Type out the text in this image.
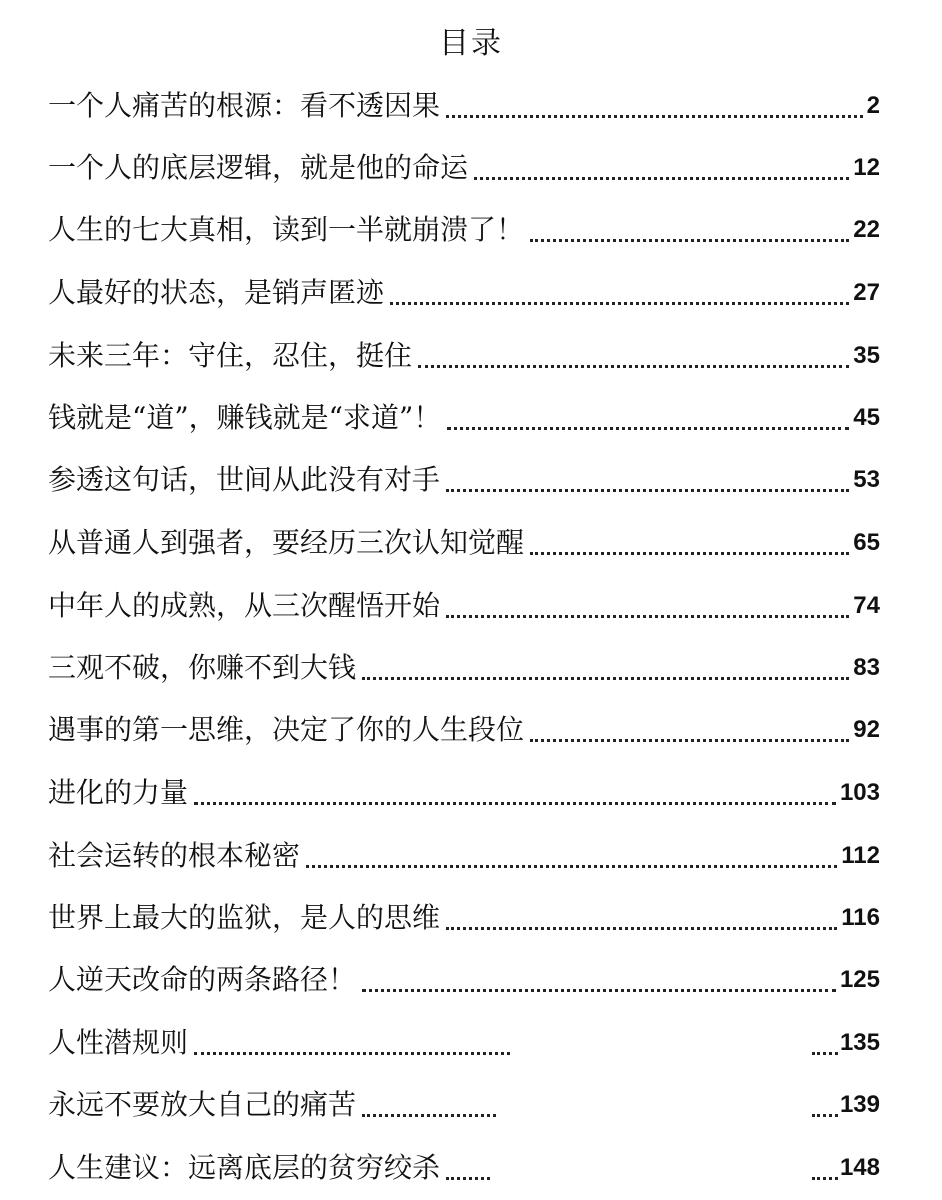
目录
一个人痛苦的根源：看不透因果	2
一个人的底层逻辑，就是他的命运	12
人生的七大真相，读到一半就崩溃了！	22
人最好的状态，是销声匿迹	27
未来三年：守住，忍住，挺住	35
钱就是“道”，赚钱就是“求道”！	45
参透这句话，世间从此没有对手	53
从普通人到强者，要经历三次认知觉醒	65
中年人的成熟，从三次醒悟开始	74
三观不破，你赚不到大钱	83
遇事的第一思维，决定了你的人生段位	92
进化的力量	103
社会运转的根本秘密	112
世界上最大的监狱，是人的思维	116
人逆天改命的两条路径！	125
人性潜规则	135
永远不要放大自己的痛苦	139
人生建议：远离底层的贫穷绞杀	148
